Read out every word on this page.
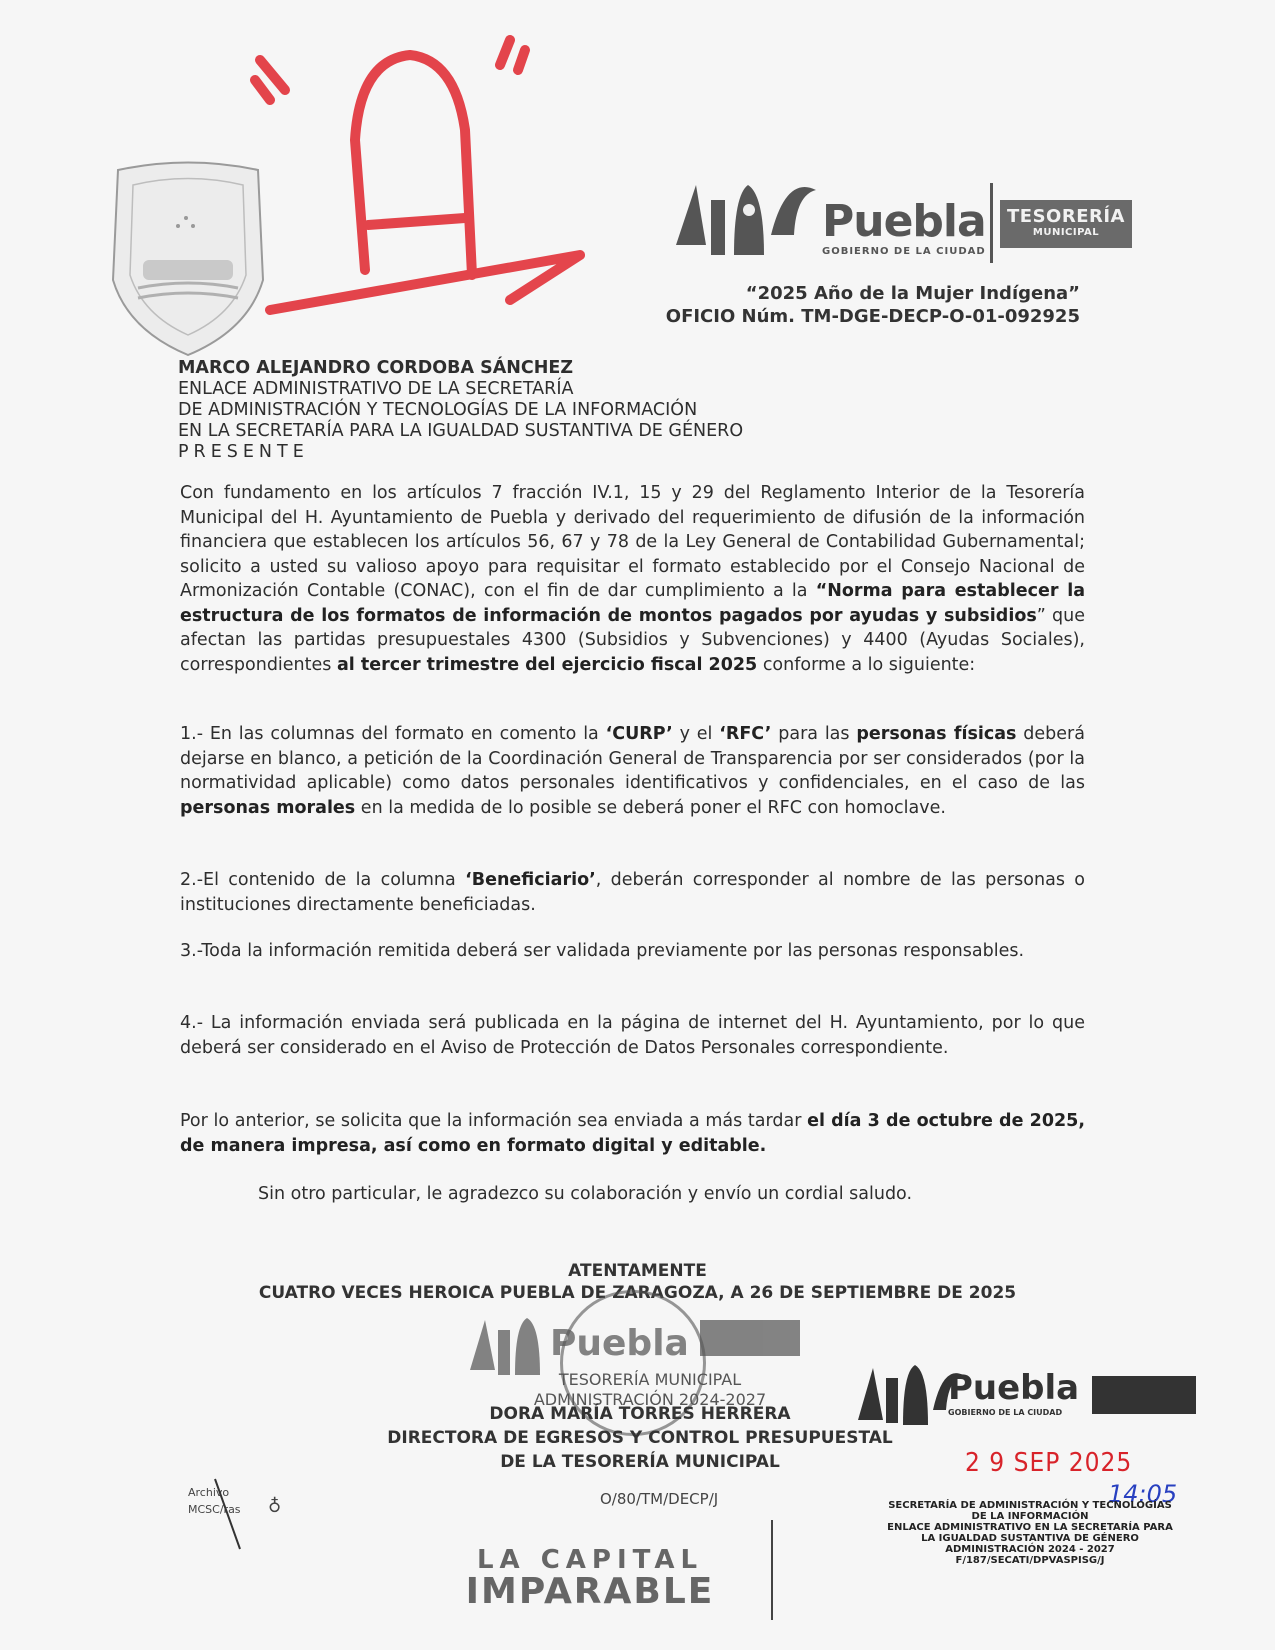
Puebla
GOBIERNO DE LA CIUDAD
TESORERÍA
MUNICIPAL
“2025 Año de la Mujer Indígena”
OFICIO Núm. TM-DGE-DECP-O-01-092925
MARCO ALEJANDRO CORDOBA SÁNCHEZ
ENLACE ADMINISTRATIVO DE LA SECRETARÍA
DE ADMINISTRACIÓN Y TECNOLOGÍAS DE LA INFORMACIÓN
EN LA SECRETARÍA PARA LA IGUALDAD SUSTANTIVA DE GÉNERO
PRESENTE
Con fundamento en los artículos 7 fracción IV.1, 15 y 29 del Reglamento Interior de la Tesorería Municipal del H. Ayuntamiento de Puebla y derivado del requerimiento de difusión de la información financiera que establecen los artículos 56, 67 y 78 de la Ley General de Contabilidad Gubernamental; solicito a usted su valioso apoyo para requisitar el formato establecido por el Consejo Nacional de Armonización Contable (CONAC), con el fin de dar cumplimiento a la “Norma para establecer la estructura de los formatos de información de montos pagados por ayudas y subsidios” que afectan las partidas presupuestales 4300 (Subsidios y Subvenciones) y 4400 (Ayudas Sociales), correspondientes al tercer trimestre del ejercicio fiscal 2025 conforme a lo siguiente:
1.- En las columnas del formato en comento la ‘CURP’ y el ‘RFC’ para las personas físicas deberá dejarse en blanco, a petición de la Coordinación General de Transparencia por ser considerados (por la normatividad aplicable) como datos personales identificativos y confidenciales, en el caso de las personas morales en la medida de lo posible se deberá poner el RFC con homoclave.
2.-El contenido de la columna ‘Beneficiario’, deberán corresponder al nombre de las personas o instituciones directamente beneficiadas.
3.-Toda la información remitida deberá ser validada previamente por las personas responsables.
4.- La información enviada será publicada en la página de internet del H. Ayuntamiento, por lo que deberá ser considerado en el Aviso de Protección de Datos Personales correspondiente.
Por lo anterior, se solicita que la información sea enviada a más tardar el día 3 de octubre de 2025, de manera impresa, así como en formato digital y editable.
Sin otro particular, le agradezco su colaboración y envío un cordial saludo.
ATENTAMENTE
CUATRO VECES HEROICA PUEBLA DE ZARAGOZA, A 26 DE SEPTIEMBRE DE 2025
Puebla
TESORERÍA MUNICIPAL
ADMINISTRACIÓN 2024-2027
DORA MARÍA TORRES HERRERA
DIRECTORA DE EGRESOS Y CONTROL PRESUPUESTAL
DE LA TESORERÍA MUNICIPAL
O/80/TM/DECP/J
Puebla
GOBIERNO DE LA CIUDAD
2 9 SEP 2025
14:05
SECRETARÍA DE ADMINISTRACIÓN Y TECNOLOGÍAS
DE LA INFORMACIÓN
ENLACE ADMINISTRATIVO EN LA SECRETARÍA PARA
LA IGUALDAD SUSTANTIVA DE GÉNERO
ADMINISTRACIÓN 2024 - 2027
F/187/SECATI/DPVASPISG/J
Archivo
MCSC/ras ♁
LA CAPITAL
IMPARABLE
